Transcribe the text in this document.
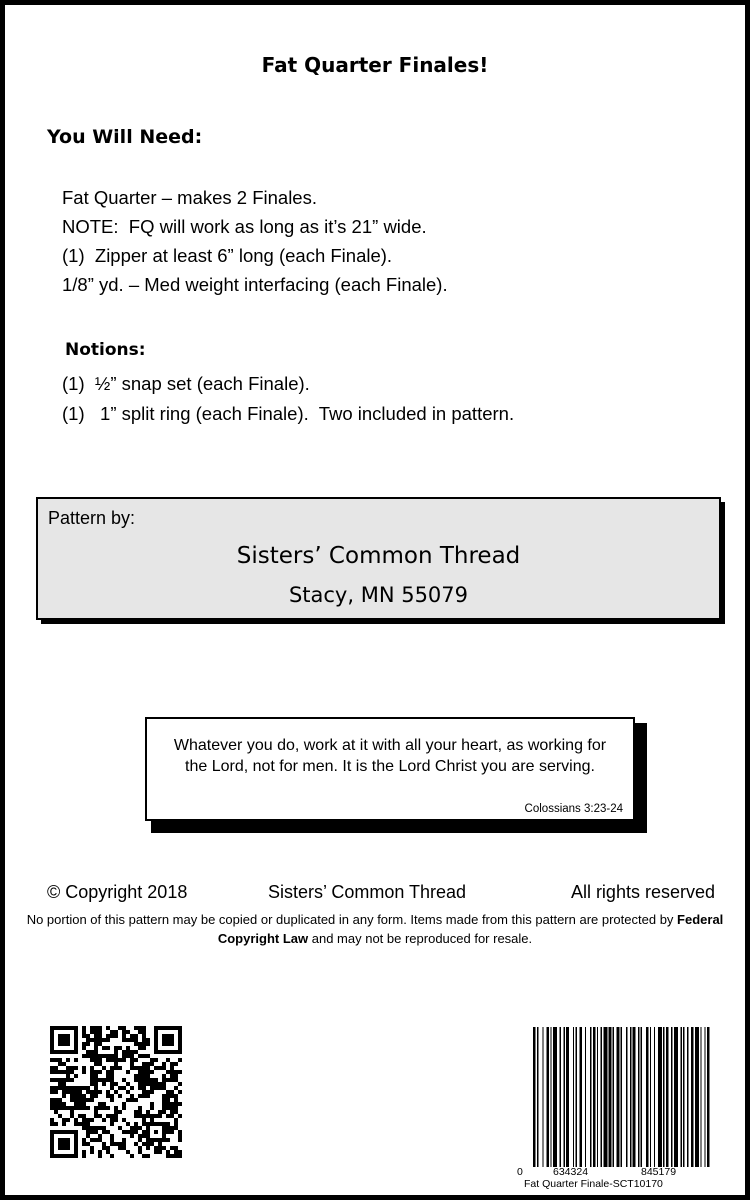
Fat Quarter Finales!
You Will Need:
Fat Quarter – makes 2 Finales.
NOTE:  FQ will work as long as it’s 21” wide.
(1)  Zipper at least 6” long (each Finale).
1/8” yd. – Med weight interfacing (each Finale).
Notions:
(1)  ½” snap set (each Finale).
(1)   1” split ring (each Finale).  Two included in pattern.
Pattern by:
Sisters’ Common Thread
Stacy, MN 55079
Whatever you do, work at it with all your heart, as working for the Lord, not for men. It is the Lord Christ you are serving.
Colossians 3:23-24
© Copyright 2018	Sisters’ Common Thread	All rights reserved
No portion of this pattern may be copied or duplicated in any form. Items made from this pattern are protected by Federal Copyright Law and may not be reproduced for resale.
0	634324	845179
Fat Quarter Finale-SCT10170
